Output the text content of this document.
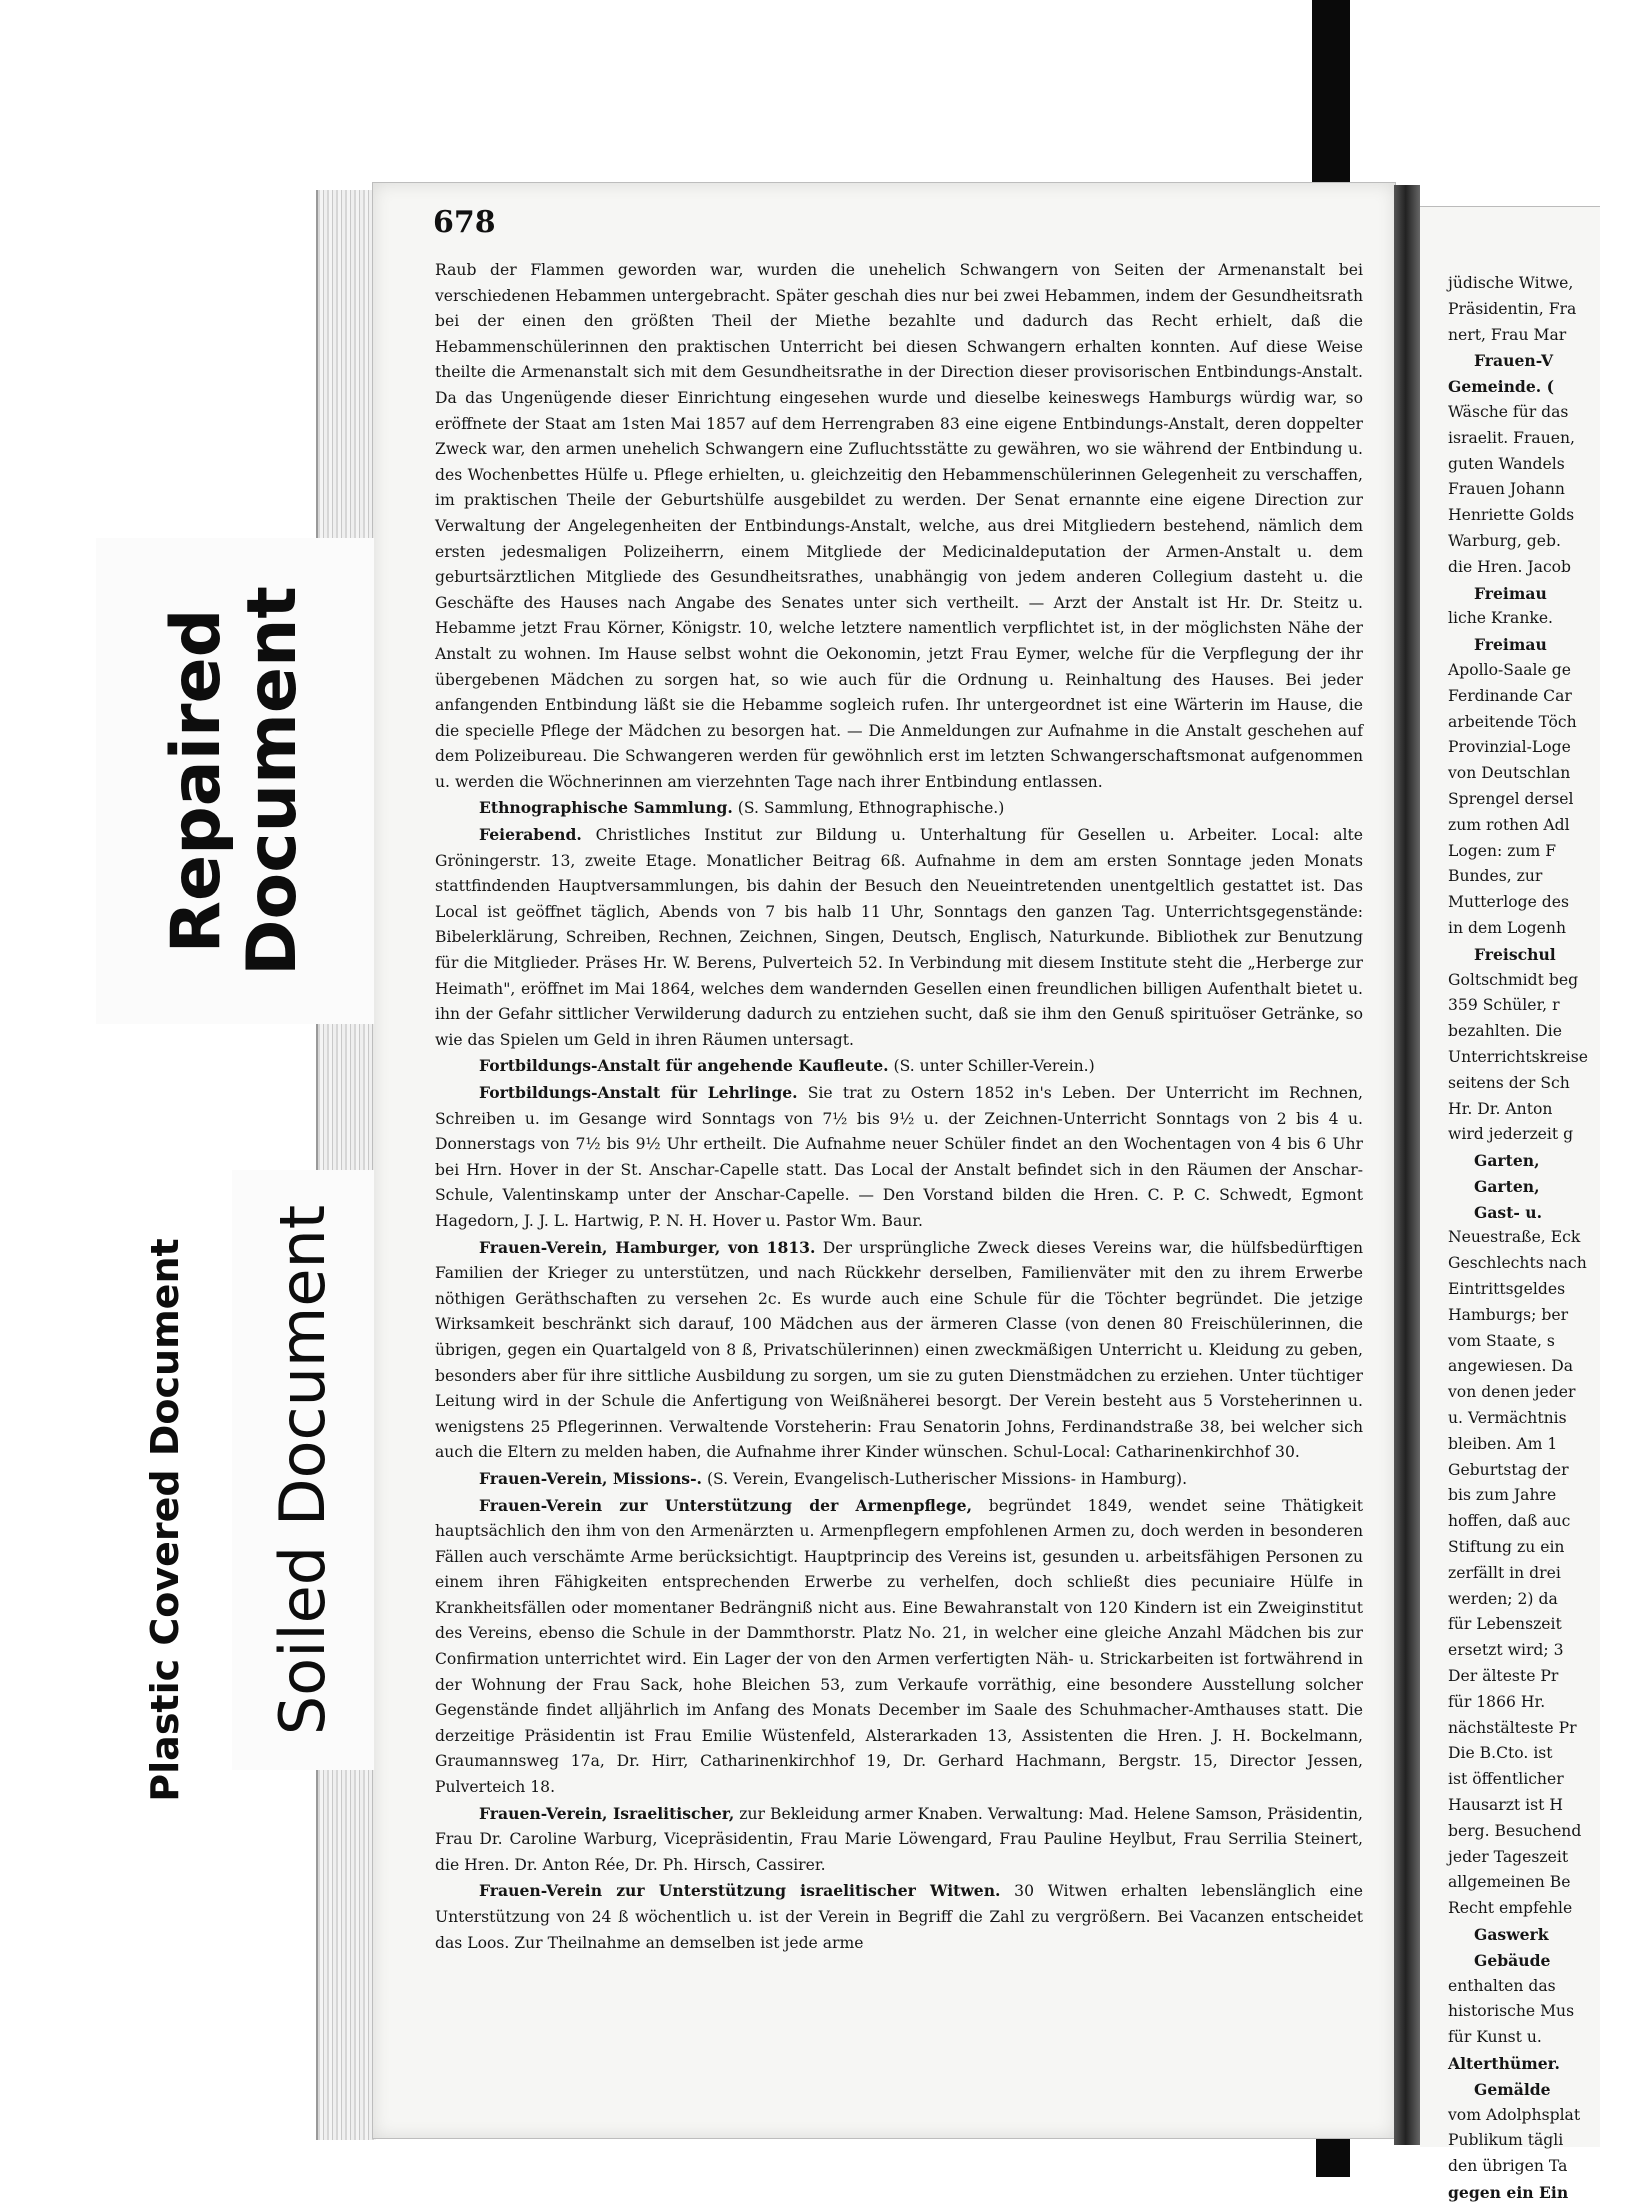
678

Raub der Flammen geworden war, wurden die unehelich Schwangern von Seiten der Armenanstalt bei verschiedenen Hebammen untergebracht. Später geschah dies nur bei zwei Hebammen, indem der Gesundheitsrath bei der einen den größten Theil der Miethe bezahlte und dadurch das Recht erhielt, daß die Hebammenschülerinnen den praktischen Unterricht bei diesen Schwangern erhalten konnten. Auf diese Weise theilte die Armenanstalt sich mit dem Gesundheitsrathe in der Direction dieser provisorischen Entbindungs-Anstalt. Da das Ungenügende dieser Einrichtung eingesehen wurde und dieselbe keineswegs Hamburgs würdig war, so eröffnete der Staat am 1sten Mai 1857 auf dem Herrengraben 83 eine eigene Entbindungs-Anstalt, deren doppelter Zweck war, den armen unehelich Schwangern eine Zufluchtsstätte zu gewähren, wo sie während der Entbindung u. des Wochenbettes Hülfe u. Pflege erhielten, u. gleichzeitig den Hebammenschülerinnen Gelegenheit zu verschaffen, im praktischen Theile der Geburtshülfe ausgebildet zu werden. Der Senat ernannte eine eigene Direction zur Verwaltung der Angelegenheiten der Entbindungs-Anstalt, welche, aus drei Mitgliedern bestehend, nämlich dem ersten jedesmaligen Polizeiherrn, einem Mitgliede der Medicinaldeputation der Armen-Anstalt u. dem geburtsärztlichen Mitgliede des Gesundheitsrathes, unabhängig von jedem anderen Collegium dasteht u. die Geschäfte des Hauses nach Angabe des Senates unter sich vertheilt. — Arzt der Anstalt ist Hr. Dr. Steitz u. Hebamme jetzt Frau Körner, Königstr. 10, welche letztere namentlich verpflichtet ist, in der möglichsten Nähe der Anstalt zu wohnen. Im Hause selbst wohnt die Oekonomin, jetzt Frau Eymer, welche für die Verpflegung der ihr übergebenen Mädchen zu sorgen hat, so wie auch für die Ordnung u. Reinhaltung des Hauses. Bei jeder anfangenden Entbindung läßt sie die Hebamme sogleich rufen. Ihr untergeordnet ist eine Wärterin im Hause, die die specielle Pflege der Mädchen zu besorgen hat. — Die Anmeldungen zur Aufnahme in die Anstalt geschehen auf dem Polizeibureau. Die Schwangeren werden für gewöhnlich erst im letzten Schwangerschaftsmonat aufgenommen u. werden die Wöchnerinnen am vierzehnten Tage nach ihrer Entbindung entlassen.

Ethnographische Sammlung. (S. Sammlung, Ethnographische.)

Feierabend. Christliches Institut zur Bildung u. Unterhaltung für Gesellen u. Arbeiter. Local: alte Gröningerstr. 13, zweite Etage. Monatlicher Beitrag 6ß. Aufnahme in dem am ersten Sonntage jeden Monats stattfindenden Hauptversammlungen, bis dahin der Besuch den Neueintretenden unentgeltlich gestattet ist. Das Local ist geöffnet täglich, Abends von 7 bis halb 11 Uhr, Sonntags den ganzen Tag. Unterrichtsgegenstände: Bibelerklärung, Schreiben, Rechnen, Zeichnen, Singen, Deutsch, Englisch, Naturkunde. Bibliothek zur Benutzung für die Mitglieder. Präses Hr. W. Berens, Pulverteich 52. In Verbindung mit diesem Institute steht die „Herberge zur Heimath", eröffnet im Mai 1864, welches dem wandernden Gesellen einen freundlichen billigen Aufenthalt bietet u. ihn der Gefahr sittlicher Verwilderung dadurch zu entziehen sucht, daß sie ihm den Genuß spirituöser Getränke, so wie das Spielen um Geld in ihren Räumen untersagt.

Fortbildungs-Anstalt für angehende Kaufleute. (S. unter Schiller-Verein.)

Fortbildungs-Anstalt für Lehrlinge. Sie trat zu Ostern 1852 in's Leben. Der Unterricht im Rechnen, Schreiben u. im Gesange wird Sonntags von 7½ bis 9½ u. der Zeichnen-Unterricht Sonntags von 2 bis 4 u. Donnerstags von 7½ bis 9½ Uhr ertheilt. Die Aufnahme neuer Schüler findet an den Wochentagen von 4 bis 6 Uhr bei Hrn. Hover in der St. Anschar-Capelle statt. Das Local der Anstalt befindet sich in den Räumen der Anschar-Schule, Valentinskamp unter der Anschar-Capelle. — Den Vorstand bilden die Hren. C. P. C. Schwedt, Egmont Hagedorn, J. J. L. Hartwig, P. N. H. Hover u. Pastor Wm. Baur.

Frauen-Verein, Hamburger, von 1813. Der ursprüngliche Zweck dieses Vereins war, die hülfsbedürftigen Familien der Krieger zu unterstützen, und nach Rückkehr derselben, Familienväter mit den zu ihrem Erwerbe nöthigen Geräthschaften zu versehen 2c. Es wurde auch eine Schule für die Töchter begründet. Die jetzige Wirksamkeit beschränkt sich darauf, 100 Mädchen aus der ärmeren Classe (von denen 80 Freischülerinnen, die übrigen, gegen ein Quartalgeld von 8 ß, Privatschülerinnen) einen zweckmäßigen Unterricht u. Kleidung zu geben, besonders aber für ihre sittliche Ausbildung zu sorgen, um sie zu guten Dienstmädchen zu erziehen. Unter tüchtiger Leitung wird in der Schule die Anfertigung von Weißnäherei besorgt. Der Verein besteht aus 5 Vorsteherinnen u. wenigstens 25 Pflegerinnen. Verwaltende Vorsteherin: Frau Senatorin Johns, Ferdinandstraße 38, bei welcher sich auch die Eltern zu melden haben, die Aufnahme ihrer Kinder wünschen. Schul-Local: Catharinenkirchhof 30.

Frauen-Verein, Missions-. (S. Verein, Evangelisch-Lutherischer Missions- in Hamburg).

Frauen-Verein zur Unterstützung der Armenpflege, begründet 1849, wendet seine Thätigkeit hauptsächlich den ihm von den Armenärzten u. Armenpflegern empfohlenen Armen zu, doch werden in besonderen Fällen auch verschämte Arme berücksichtigt. Hauptprincip des Vereins ist, gesunden u. arbeitsfähigen Personen zu einem ihren Fähigkeiten entsprechenden Erwerbe zu verhelfen, doch schließt dies pecuniaire Hülfe in Krankheitsfällen oder momentaner Bedrängniß nicht aus. Eine Bewahranstalt von 120 Kindern ist ein Zweiginstitut des Vereins, ebenso die Schule in der Dammthorstr. Platz No. 21, in welcher eine gleiche Anzahl Mädchen bis zur Confirmation unterrichtet wird. Ein Lager der von den Armen verfertigten Näh- u. Strickarbeiten ist fortwährend in der Wohnung der Frau Sack, hohe Bleichen 53, zum Verkaufe vorräthig, eine besondere Ausstellung solcher Gegenstände findet alljährlich im Anfang des Monats December im Saale des Schuhmacher-Amthauses statt. Die derzeitige Präsidentin ist Frau Emilie Wüstenfeld, Alsterarkaden 13, Assistenten die Hren. J. H. Bockelmann, Graumannsweg 17a, Dr. Hirr, Catharinenkirchhof 19, Dr. Gerhard Hachmann, Bergstr. 15, Director Jessen, Pulverteich 18.

Frauen-Verein, Israelitischer, zur Bekleidung armer Knaben. Verwaltung: Mad. Helene Samson, Präsidentin, Frau Dr. Caroline Warburg, Vicepräsidentin, Frau Marie Löwengard, Frau Pauline Heylbut, Frau Serrilia Steinert, die Hren. Dr. Anton Rée, Dr. Ph. Hirsch, Cassirer.

Frauen-Verein zur Unterstützung israelitischer Witwen. 30 Witwen erhalten lebenslänglich eine Unterstützung von 24 ß wöchentlich u. ist der Verein in Begriff die Zahl zu vergrößern. Bei Vacanzen entscheidet das Loos. Zur Theilnahme an demselben ist jede arme

jüdische Witwe,
Präsidentin, Fra
nert, Frau Mar
Frauen-V
Gemeinde. (
Wäsche für das
israelit. Frauen,
guten Wandels
Frauen Johann
Henriette Golds
Warburg, geb.
die Hren. Jacob
Freimau
liche Kranke.
Freimau
Apollo-Saale ge
Ferdinande Car
arbeitende Töch
Provinzial-Loge
von Deutschlan
Sprengel dersel
zum rothen Adl
Logen: zum F
Bundes, zur
Mutterloge des
in dem Logenh
Freischul
Goltschmidt beg
359 Schüler, r
bezahlten. Die
Unterrichtskreise
seitens der Sch
Hr. Dr. Anton
wird jederzeit g
Garten,
Garten,
Gast- u.
Neuestraße, Eck
Geschlechts nach
Eintrittsgeldes
Hamburgs; ber
vom Staate, s
angewiesen. Da
von denen jeder
u. Vermächtnis
bleiben. Am 1
Geburtstag der
bis zum Jahre
hoffen, daß auc
Stiftung zu ein
zerfällt in drei
werden; 2) da
für Lebenszeit
ersetzt wird; 3
Der älteste Pr
für 1866 Hr.
nächstälteste Pr
Die B.Cto. ist
ist öffentlicher
Hausarzt ist H
berg. Besuchend
jeder Tageszeit
allgemeinen Be
Recht empfehle
Gaswerk
Gebäude
enthalten das
historische Mus
für Kunst u.
Alterthümer.
Gemälde
vom Adolphsplat
Publikum tägli
den übrigen Ta
gegen ein Ein
Repaired Document
Plastic Covered Document Soiled Document
